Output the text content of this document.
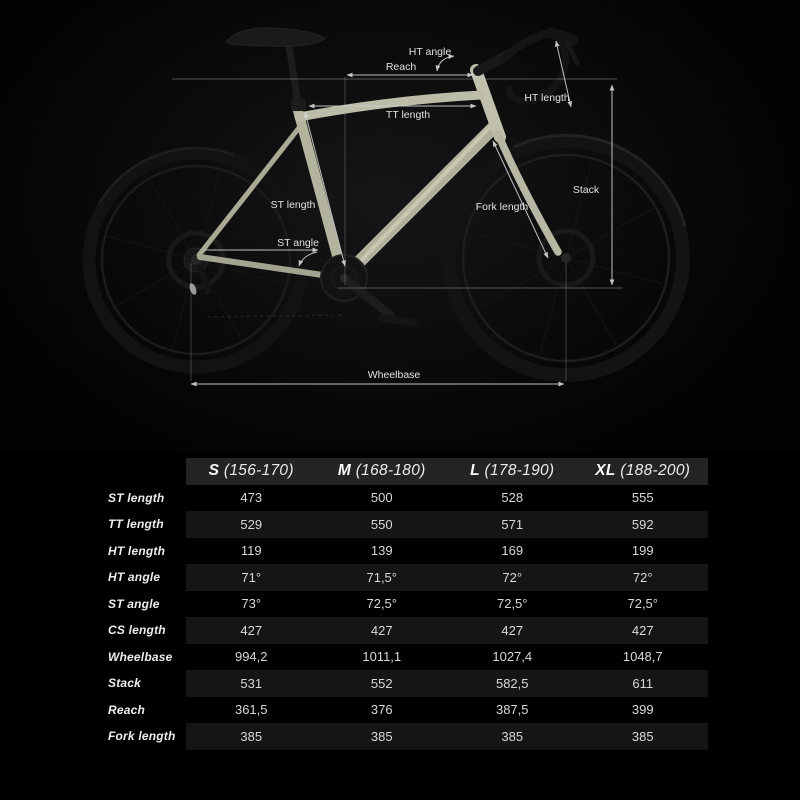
HT angle
Reach
TT length
HT length
Stack
Fork length
ST length
ST angle
Wheelbase
S (156-170)	M (168-180)	L (178-190)	XL (188-200)
ST length	473	500	528	555
TT length	529	550	571	592
HT length	119	139	169	199
HT angle	71°	71,5°	72°	72°
ST angle	73°	72,5°	72,5°	72,5°
CS length	427	427	427	427
Wheelbase	994,2	1011,1	1027,4	1048,7
Stack	531	552	582,5	611
Reach	361,5	376	387,5	399
Fork length	385	385	385	385
